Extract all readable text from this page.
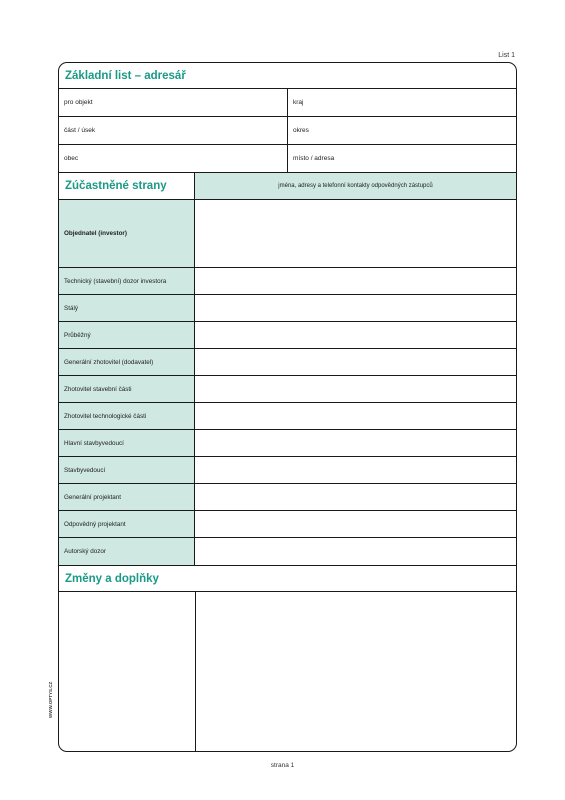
List 1
Základní list – adresář
pro objekt	kraj
část / úsek	okres
obec	místo / adresa
Zúčastněné strany	jména, adresy a telefonní kontakty odpovědných zástupců
Objednatel (investor)
Technický (stavební) dozor investora
Stálý
Průběžný
Generální zhotovitel (dodavatel)
Zhotovitel stavební části
Zhotovitel technologické části
Hlavní stavbyvedoucí
Stavbyvedoucí
Generální projektant
Odpovědný projektant
Autorský dozor
Změny a doplňky
WWW.OPTYS.CZ
strana 1
